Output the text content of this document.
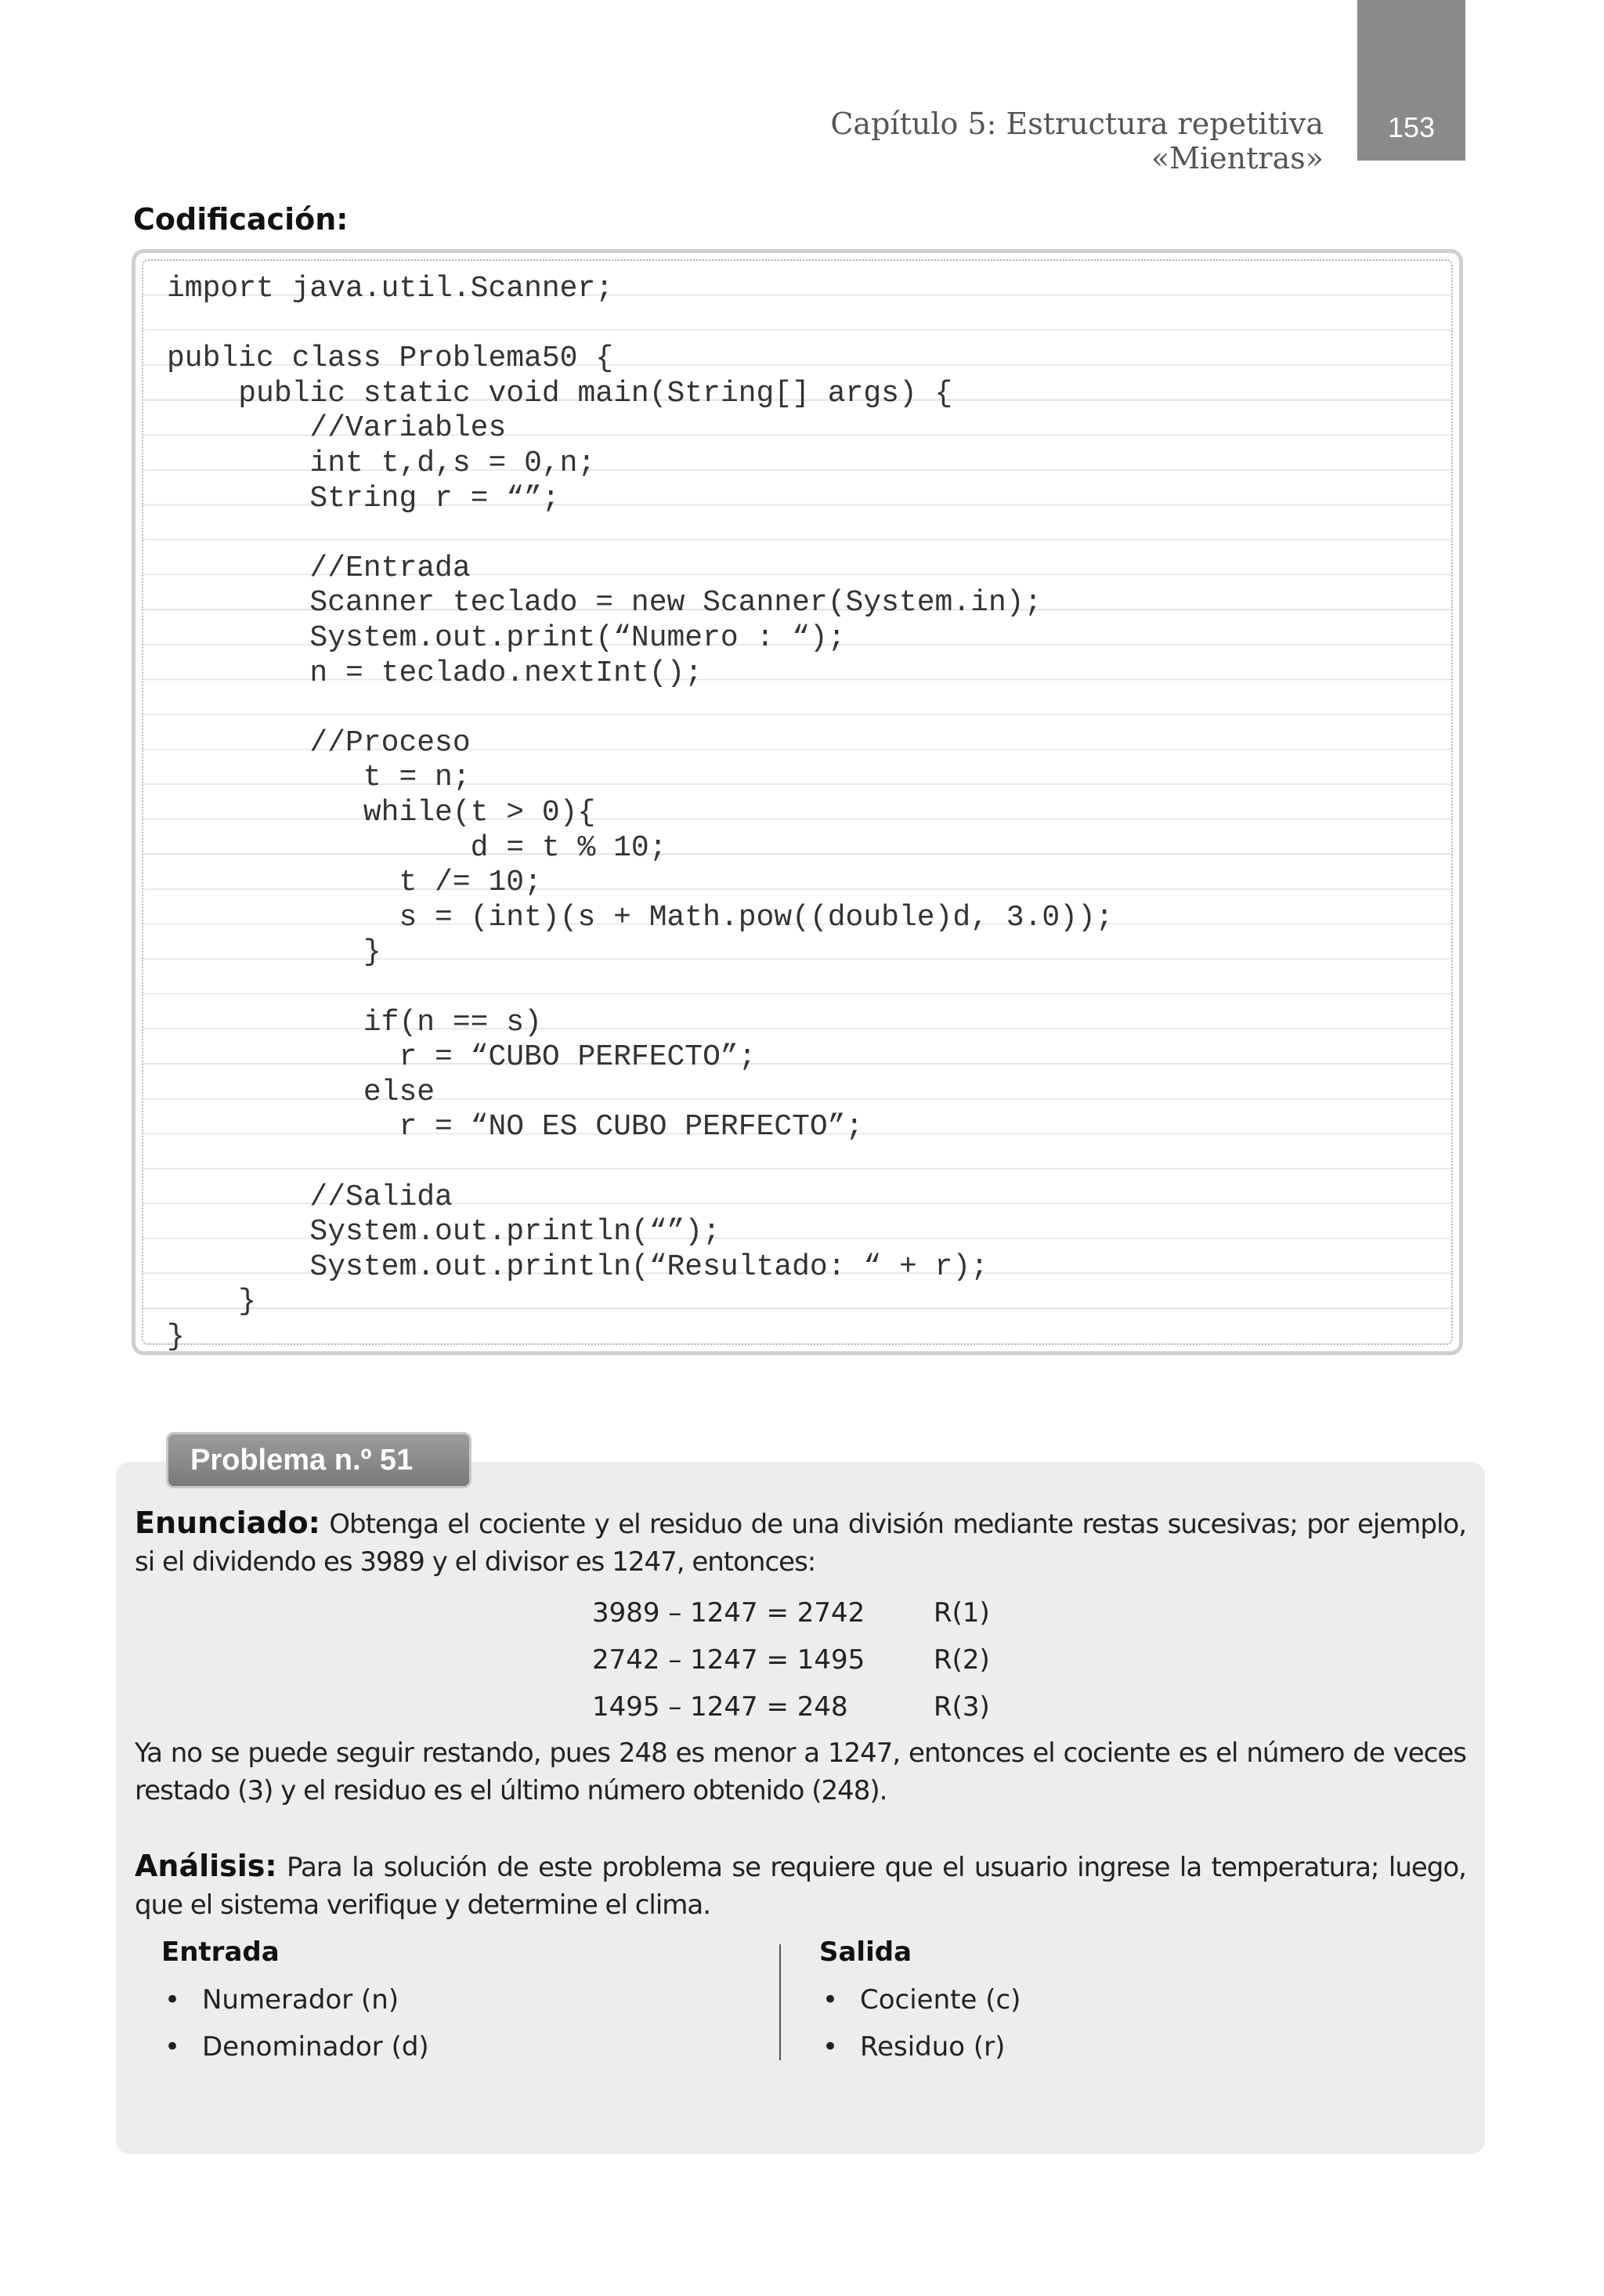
Capítulo 5: Estructura repetitiva «Mientras»
153
Codificación:
import java.util.Scanner;
public class Problema50 {
public static void main(String[] args) {
//Variables
int t,d,s = 0,n;
String r = “”;
//Entrada
Scanner teclado = new Scanner(System.in);
System.out.print(“Numero : “);
n = teclado.nextInt();
//Proceso
t = n;
while(t > 0){
d = t % 10;
t /= 10;
s = (int)(s + Math.pow((double)d, 3.0));
}
if(n == s)
r = “CUBO PERFECTO”;
else
r = “NO ES CUBO PERFECTO”;
//Salida
System.out.println(“”);
System.out.println(“Resultado: “ + r);
}
}
Problema n.º 51
Enunciado: Obtenga el cociente y el residuo de una división mediante restas sucesivas; por ejemplo, si el dividendo es 3989 y el divisor es 1247, entonces:
3989 – 1247 = 2742	R(1)
2742 – 1247 = 1495	R(2)
1495 – 1247 = 248	R(3)
Ya no se puede seguir restando, pues 248 es menor a 1247, entonces el cociente es el número de veces restado (3) y el residuo es el último número obtenido (248).
Análisis: Para la solución de este problema se requiere que el usuario ingrese la temperatura; luego, que el sistema verifique y determine el clima.
Entrada
• Numerador (n)
• Denominador (d)
Salida
• Cociente (c)
• Residuo (r)
